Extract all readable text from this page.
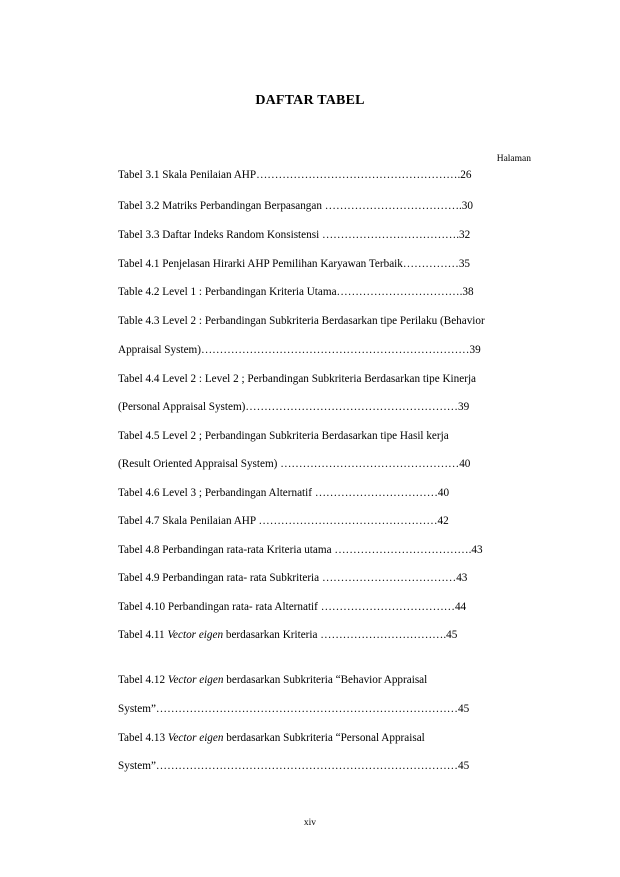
DAFTAR TABEL
Halaman
Tabel 3.1 Skala Penilaian AHP……………………………………………….26
Tabel 3.2 Matriks Perbandingan Berpasangan ……………………………….30
Tabel 3.3 Daftar Indeks Random Konsistensi ……………………………….32
Tabel 4.1 Penjelasan Hirarki AHP Pemilihan Karyawan Terbaik……………35
Table 4.2 Level 1 : Perbandingan Kriteria Utama…………………………….38
Table 4.3 Level 2 : Perbandingan Subkriteria Berdasarkan tipe Perilaku (Behavior
Appraisal System)………………………………………………………………39
Tabel 4.4 Level 2 : Level 2 ; Perbandingan Subkriteria Berdasarkan tipe Kinerja
(Personal Appraisal System)…………………………………………………39
Tabel 4.5 Level 2 ; Perbandingan Subkriteria Berdasarkan tipe Hasil kerja
(Result Oriented Appraisal System) …………………………………………40
Tabel 4.6 Level 3 ; Perbandingan Alternatif ……………………………40
Tabel 4.7 Skala Penilaian AHP …………………………………………42
Tabel 4.8 Perbandingan rata-rata Kriteria utama ……………………………….43
Tabel 4.9 Perbandingan rata- rata Subkriteria ………………………………43
Tabel 4.10 Perbandingan rata- rata Alternatif ………………………………44
Tabel 4.11 Vector eigen berdasarkan Kriteria …………………………….45
Tabel 4.12 Vector eigen berdasarkan Subkriteria “Behavior Appraisal
System”………………………………………………………………………45
Tabel 4.13 Vector eigen berdasarkan Subkriteria “Personal Appraisal
System”………………………………………………………………………45
xiv
